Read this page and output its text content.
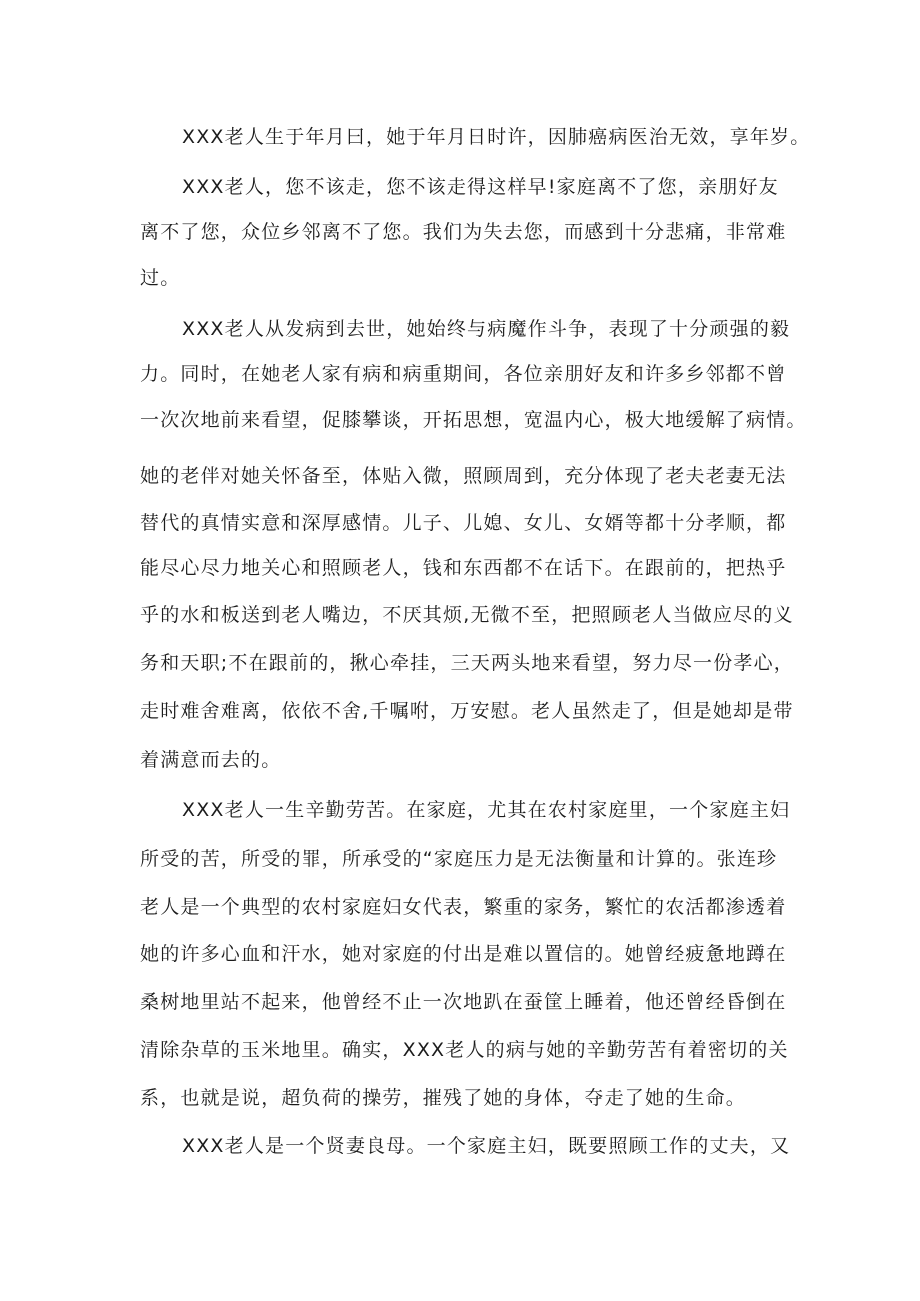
XXX老人生于年月曰，她于年月日时许，因肺癌病医治无效，享年岁。
XXX老人，您不该走，您不该走得这样早!家庭离不了您，亲朋好友
离不了您，众位乡邻离不了您。我们为失去您，而感到十分悲痛，非常难
过。
XXX老人从发病到去世，她始终与病魔作斗争，表现了十分顽强的毅
力。同时，在她老人家有病和病重期间，各位亲朋好友和许多乡邻都不曾
一次次地前来看望，促膝攀谈，开拓思想，宽温内心，极大地缓解了病情。
她的老伴对她关怀备至，体贴入微，照顾周到，充分体现了老夫老妻无法
替代的真情实意和深厚感情。儿子、儿媳、女儿、女婿等都十分孝顺，都
能尽心尽力地关心和照顾老人，钱和东西都不在话下。在跟前的，把热乎
乎的水和板送到老人嘴边，不厌其烦,无微不至，把照顾老人当做应尽的义
务和天职;不在跟前的，揪心牵挂，三天两头地来看望，努力尽一份孝心，
走时难舍难离，依依不舍,千嘱咐，万安慰。老人虽然走了，但是她却是带
着满意而去的。
XXX老人一生辛勤劳苦。在家庭，尤其在农村家庭里，一个家庭主妇
所受的苦，所受的罪，所承受的“家庭压力是无法衡量和计算的。张连珍
老人是一个典型的农村家庭妇女代表，繁重的家务，繁忙的农活都渗透着
她的许多心血和汗水，她对家庭的付出是难以置信的。她曾经疲惫地蹲在
桑树地里站不起来，他曾经不止一次地趴在蚕筐上睡着，他还曾经昏倒在
清除杂草的玉米地里。确实，XXX老人的病与她的辛勤劳苦有着密切的关
系，也就是说，超负荷的操劳，摧残了她的身体，夺走了她的生命。
XXX老人是一个贤妻良母。一个家庭主妇，既要照顾工作的丈夫，又
